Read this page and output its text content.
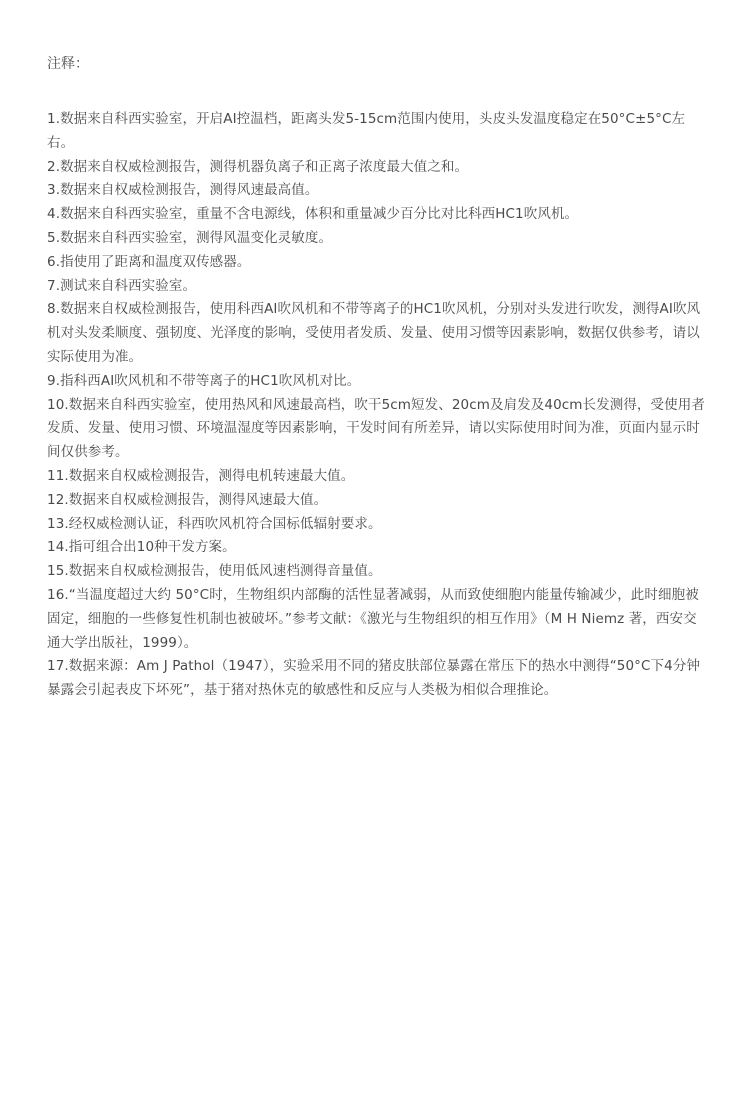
注释：
1.数据来自科西实验室，开启AI控温档，距离头发5-15cm范围内使用，头皮头发温度稳定在50°C±5°C左右。
2.数据来自权威检测报告，测得机器负离子和正离子浓度最大值之和。
3.数据来自权威检测报告，测得风速最高值。
4.数据来自科西实验室，重量不含电源线，体积和重量减少百分比对比科西HC1吹风机。
5.数据来自科西实验室，测得风温变化灵敏度。
6.指使用了距离和温度双传感器。
7.测试来自科西实验室。
8.数据来自权威检测报告，使用科西AI吹风机和不带等离子的HC1吹风机，分别对头发进行吹发，测得AI吹风机对头发柔顺度、强韧度、光泽度的影响，受使用者发质、发量、使用习惯等因素影响，数据仅供参考，请以实际使用为准。
9.指科西AI吹风机和不带等离子的HC1吹风机对比。
10.数据来自科西实验室，使用热风和风速最高档，吹干5cm短发、20cm及肩发及40cm长发测得，受使用者发质、发量、使用习惯、环境温湿度等因素影响，干发时间有所差异，请以实际使用时间为准，页面内显示时间仅供参考。
11.数据来自权威检测报告，测得电机转速最大值。
12.数据来自权威检测报告，测得风速最大值。
13.经权威检测认证，科西吹风机符合国标低辐射要求。
14.指可组合出10种干发方案。
15.数据来自权威检测报告，使用低风速档测得音量值。
16.“当温度超过大约 50°C时，生物组织内部酶的活性显著减弱，从而致使细胞内能量传输减少，此时细胞被固定，细胞的一些修复性机制也被破坏。”参考文献：《激光与生物组织的相互作用》（M H Niemz 著，西安交通大学出版社，1999）。
17.数据来源：Am J Pathol（1947），实验采用不同的猪皮肤部位暴露在常压下的热水中测得“50°C下4分钟暴露会引起表皮下坏死”，基于猪对热休克的敏感性和反应与人类极为相似合理推论。
